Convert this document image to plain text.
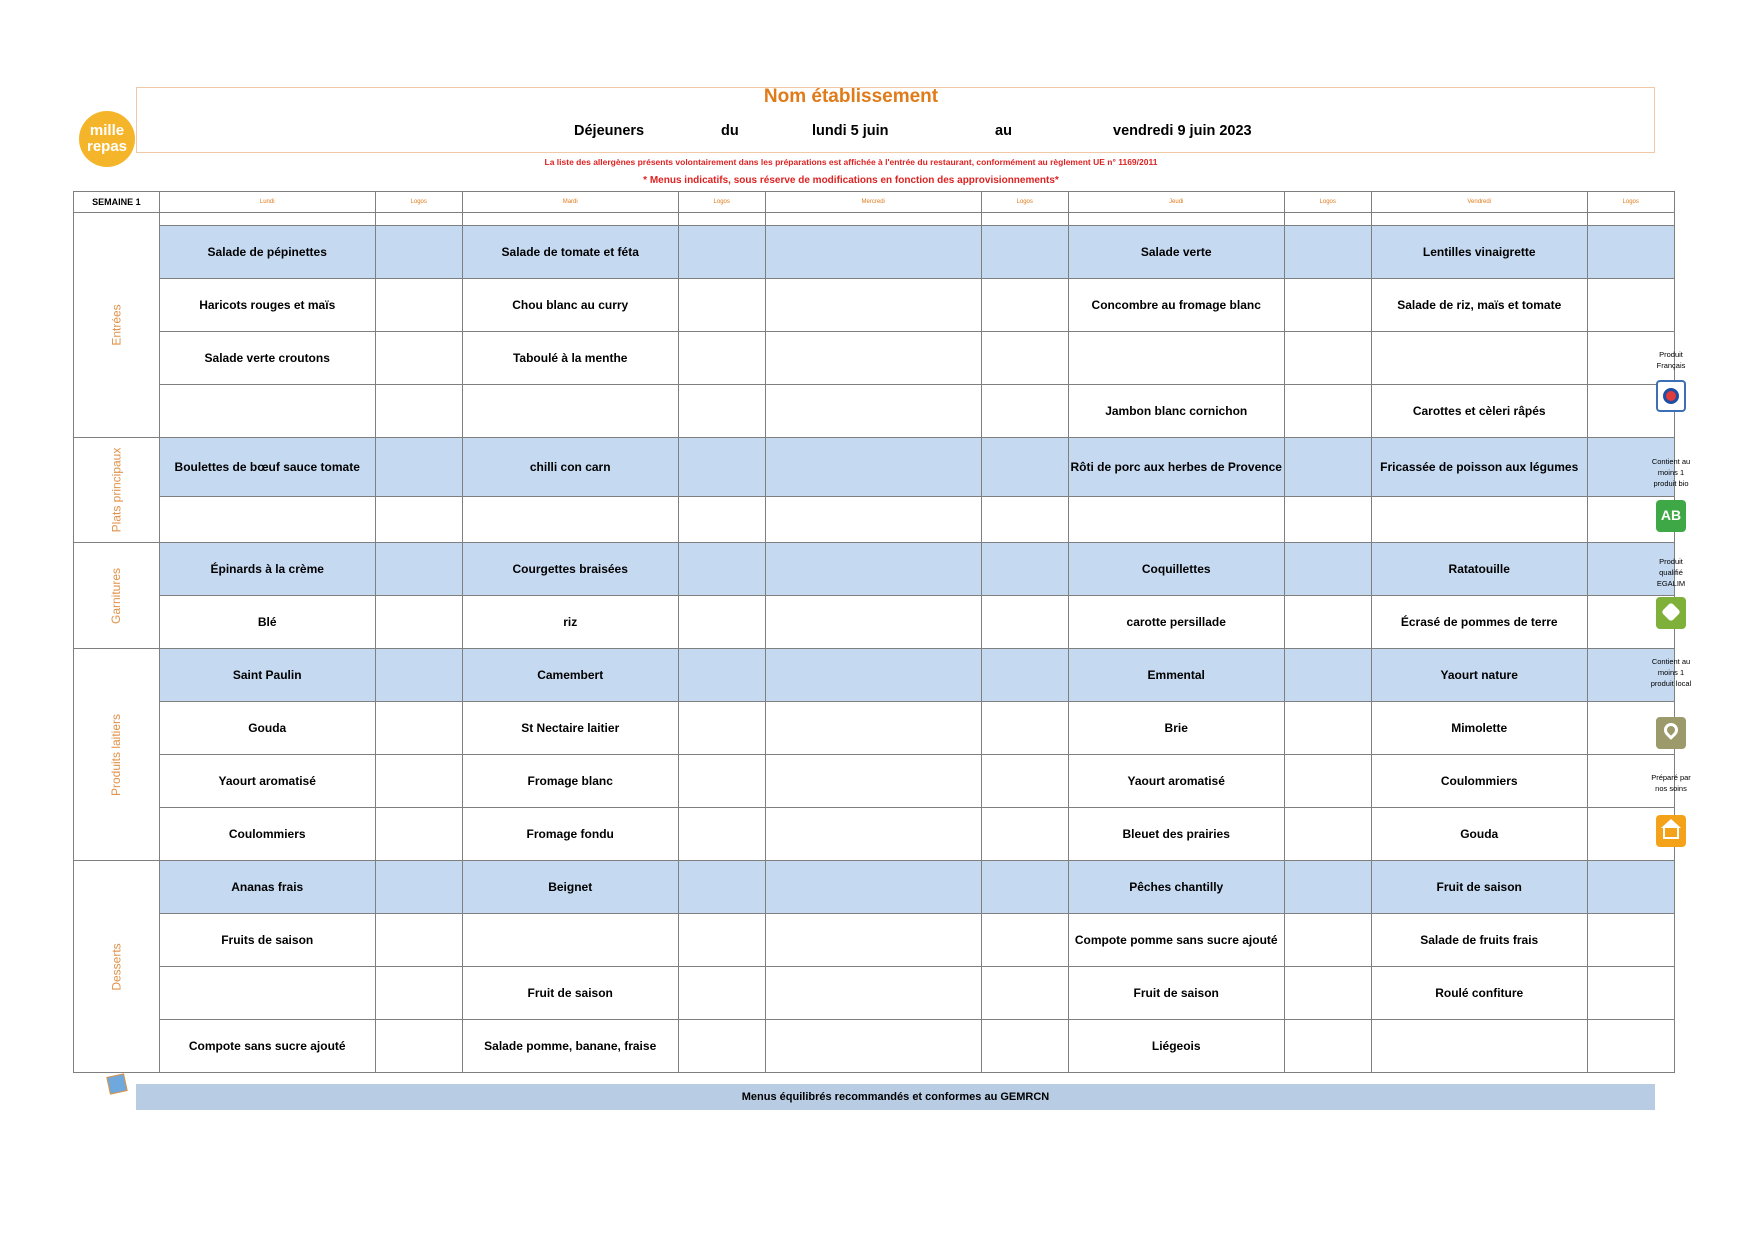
Nom établissement
Déjeuners	du	lundi 5 juin	au	vendredi 9 juin 2023
La liste des allergènes présents volontairement dans les préparations est affichée à l'entrée du restaurant, conformément au règlement UE n° 1169/2011
* Menus indicatifs, sous réserve de modifications en fonction des approvisionnements*
mille
repas
SEMAINE 1	Lundi	Logos	Mardi	Logos	Mercredi	Logos	Jeudi	Logos	Vendredi	Logos
Entrées										
	Salade de pépinettes		Salade de tomate et féta				Salade verte		Lentilles vinaigrette	
	Haricots rouges et maïs		Chou blanc au curry				Concombre au fromage blanc		Salade de riz, maïs et tomate	
	Salade verte croutons		Taboulé à la menthe							
							Jambon blanc cornichon		Carottes et cèleri râpés	
Plats principaux	Boulettes de bœuf sauce tomate		chilli con carn				Rôti de porc aux herbes de Provence		Fricassée de poisson aux légumes	

Garnitures	Épinards à la crème		Courgettes braisées				Coquillettes		Ratatouille	
	Blé		riz				carotte persillade		Écrasé de pommes de terre	
Produits laitiers	Saint Paulin		Camembert				Emmental		Yaourt nature	
	Gouda		St Nectaire laitier				Brie		Mimolette	
	Yaourt aromatisé		Fromage blanc				Yaourt aromatisé		Coulommiers	
	Coulommiers		Fromage fondu				Bleuet des prairies		Gouda	
Desserts	Ananas frais		Beignet				Pêches chantilly		Fruit de saison	
	Fruits de saison						Compote pomme sans sucre ajouté		Salade de fruits frais	
			Fruit de saison				Fruit de saison		Roulé confiture	
	Compote sans sucre ajouté		Salade pomme, banane, fraise				Liégeois			
Produit Français
Contient au moins 1 produit bio
AB
Produit qualifié EGALIM
Contient au moins 1 produit local
Préparé par nos soins
Menus équilibrés recommandés et conformes au GEMRCN
